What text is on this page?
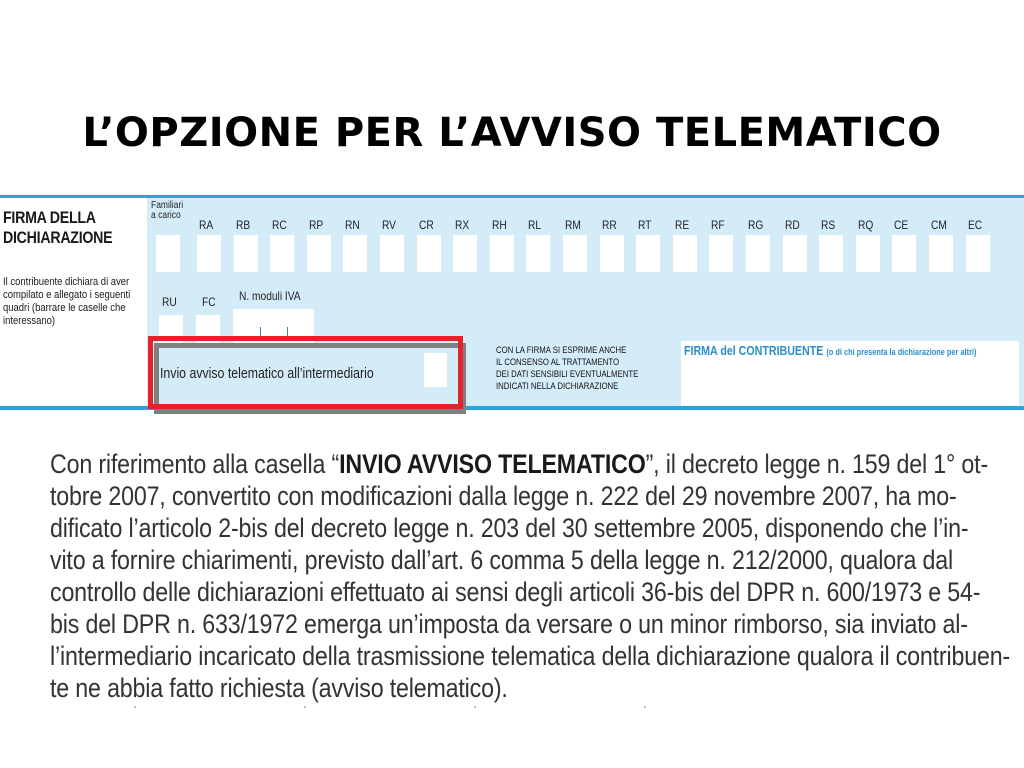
L’OPZIONE PER L’AVVISO TELEMATICO
FIRMA DELLA
DICHIARAZIONE
Il contribuente dichiara di aver compilato e allegato i seguenti quadri (barrare le caselle che interessano)
Familiari
a carico
RA RB RC RP RN RV CR RX RH RL RM RR RT RE RF RG RD RS RQ CE CM EC
RU FC N. moduli IVA
CON LA FIRMA SI ESPRIME ANCHE
IL CONSENSO AL TRATTAMENTO
DEI DATI SENSIBILI EVENTUALMENTE
INDICATI NELLA DICHIARAZIONE
FIRMA del CONTRIBUENTE (o di chi presenta la dichiarazione per altri)
Invio avviso telematico all’intermediario
Con riferimento alla casella “INVIO AVVISO TELEMATICO”, il decreto legge n. 159 del 1° ot-
tobre 2007, convertito con modificazioni dalla legge n. 222 del 29 novembre 2007, ha mo-
dificato l’articolo 2-bis del decreto legge n. 203 del 30 settembre 2005, disponendo che l’in-
vito a fornire chiarimenti, previsto dall’art. 6 comma 5 della legge n. 212/2000, qualora dal
controllo delle dichiarazioni effettuato ai sensi degli articoli 36-bis del DPR n. 600/1973 e 54-
bis del DPR n. 633/1972 emerga un’imposta da versare o un minor rimborso, sia inviato al-
l’intermediario incaricato della trasmissione telematica della dichiarazione qualora il contribuen-
te ne abbia fatto richiesta (avviso telematico).
